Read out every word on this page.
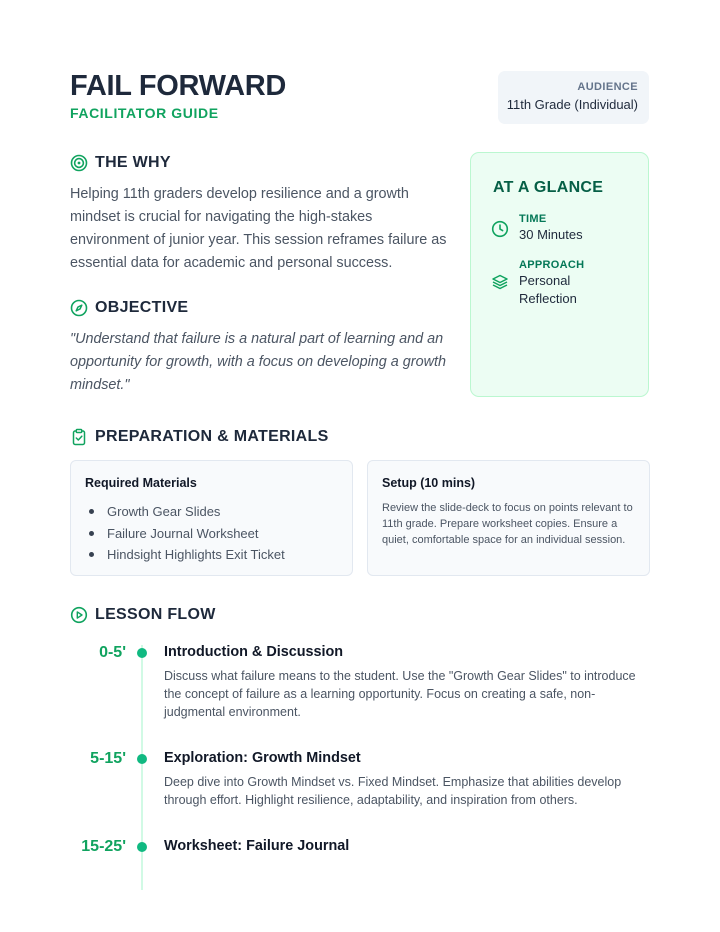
FAIL FORWARD
FACILITATOR GUIDE
AUDIENCE
11th Grade (Individual)
THE WHY

Helping 11th graders develop resilience and a growth mindset is crucial for navigating the high-stakes environment of junior year. This session reframes failure as essential data for academic and personal success.

OBJECTIVE

"Understand that failure is a natural part of learning and an opportunity for growth, with a focus on developing a growth mindset."

AT A GLANCE
TIME
30 Minutes
APPROACH
Personal
Reflection
PREPARATION & MATERIALS
Required Materials
Growth Gear Slides
Failure Journal Worksheet
Hindsight Highlights Exit Ticket
Setup (10 mins)

Review the slide-deck to focus on points relevant to 11th grade. Prepare worksheet copies. Ensure a quiet, comfortable space for an individual session.

LESSON FLOW
0-5'	Introduction & Discussion

Discuss what failure means to the student. Use the "Growth Gear Slides" to introduce the concept of failure as a learning opportunity. Focus on creating a safe, non-judgmental environment.

5-15'	Exploration: Growth Mindset

Deep dive into Growth Mindset vs. Fixed Mindset. Emphasize that abilities develop through effort. Highlight resilience, adaptability, and inspiration from others.

15-25'	Worksheet: Failure Journal
